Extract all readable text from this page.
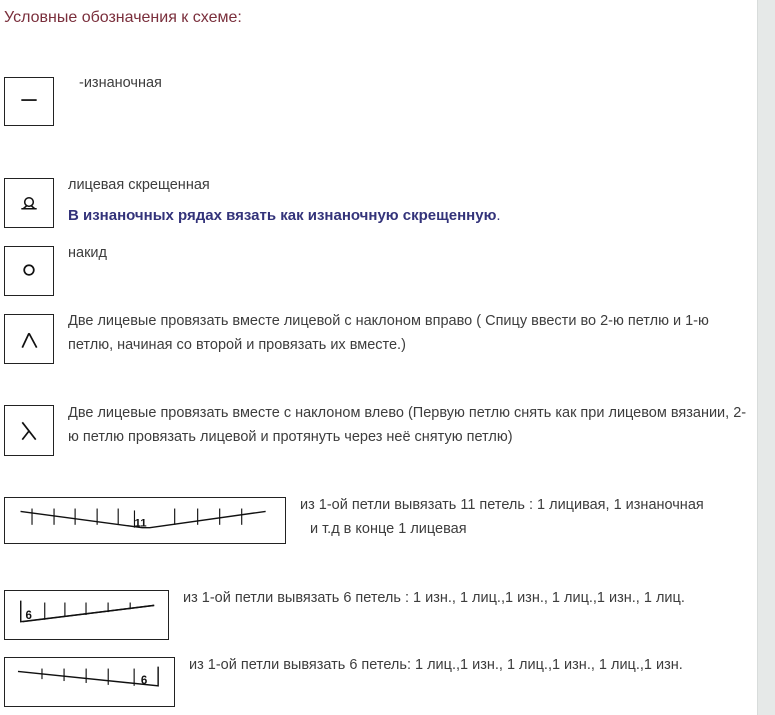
Условные обозначения к схеме:
-изнаночная
лицевая скрещенная
В изнаночных рядах вязать как изнаночную скрещенную.
накид
Две лицевые провязать вместе лицевой с наклоном вправо ( Спицу ввести во 2-ю петлю и 1-ю петлю, начиная со второй и провязать их вместе.)
Две лицевые провязать вместе с наклоном влево (Первую петлю снять как при лицевом вязании, 2-ю петлю провязать лицевой и протянуть через неё снятую петлю)
11
из 1-ой петли вывязать 11 петель : 1 лицивая, 1 изнаночная
и т.д в конце 1 лицевая
6
из 1-ой петли вывязать 6 петель : 1 изн., 1 лиц.,1 изн., 1 лиц.,1 изн., 1 лиц.
6
из 1-ой петли вывязать 6 петель: 1 лиц.,1 изн., 1 лиц.,1 изн., 1 лиц.,1 изн.
